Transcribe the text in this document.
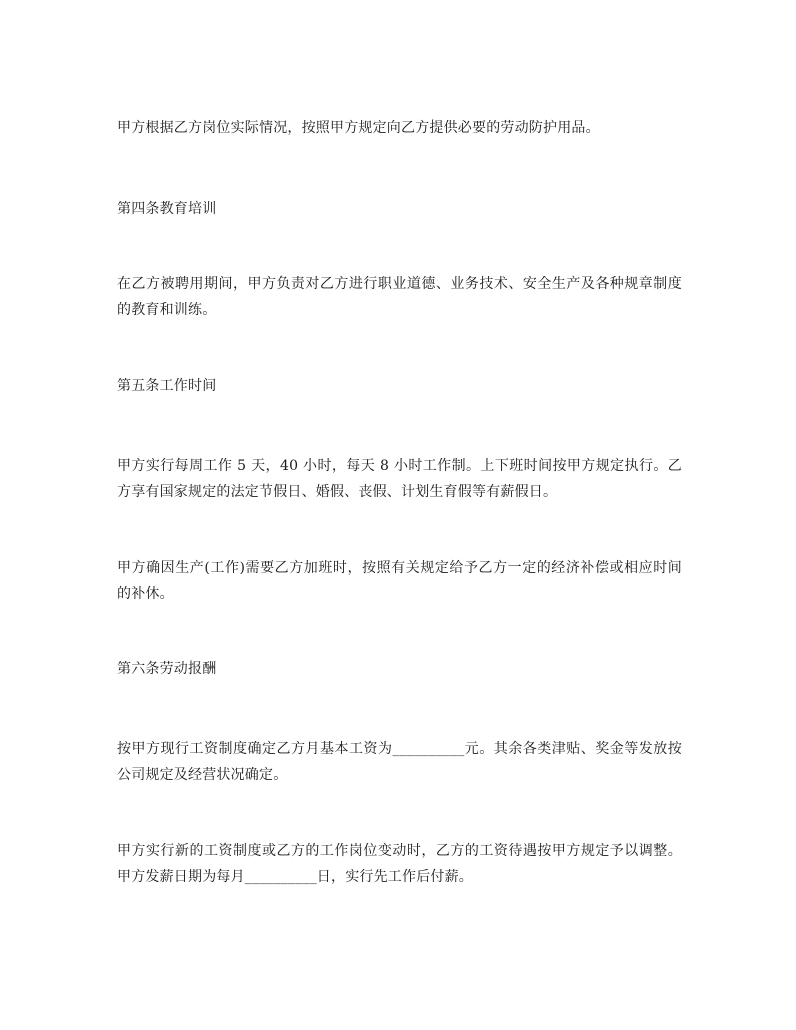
甲方根据乙方岗位实际情况，按照甲方规定向乙方提供必要的劳动防护用品。

第四条教育培训

在乙方被聘用期间，甲方负责对乙方进行职业道德、业务技术、安全生产及各种规章制度的教育和训练。

第五条工作时间

甲方实行每周工作 5 天，40 小时，每天 8 小时工作制。上下班时间按甲方规定执行。乙方享有国家规定的法定节假日、婚假、丧假、计划生育假等有薪假日。

甲方确因生产(工作)需要乙方加班时，按照有关规定给予乙方一定的经济补偿或相应时间的补休。

第六条劳动报酬

按甲方现行工资制度确定乙方月基本工资为__________元。其余各类津贴、奖金等发放按公司规定及经营状况确定。

甲方实行新的工资制度或乙方的工作岗位变动时，乙方的工资待遇按甲方规定予以调整。甲方发薪日期为每月__________日，实行先工作后付薪。
